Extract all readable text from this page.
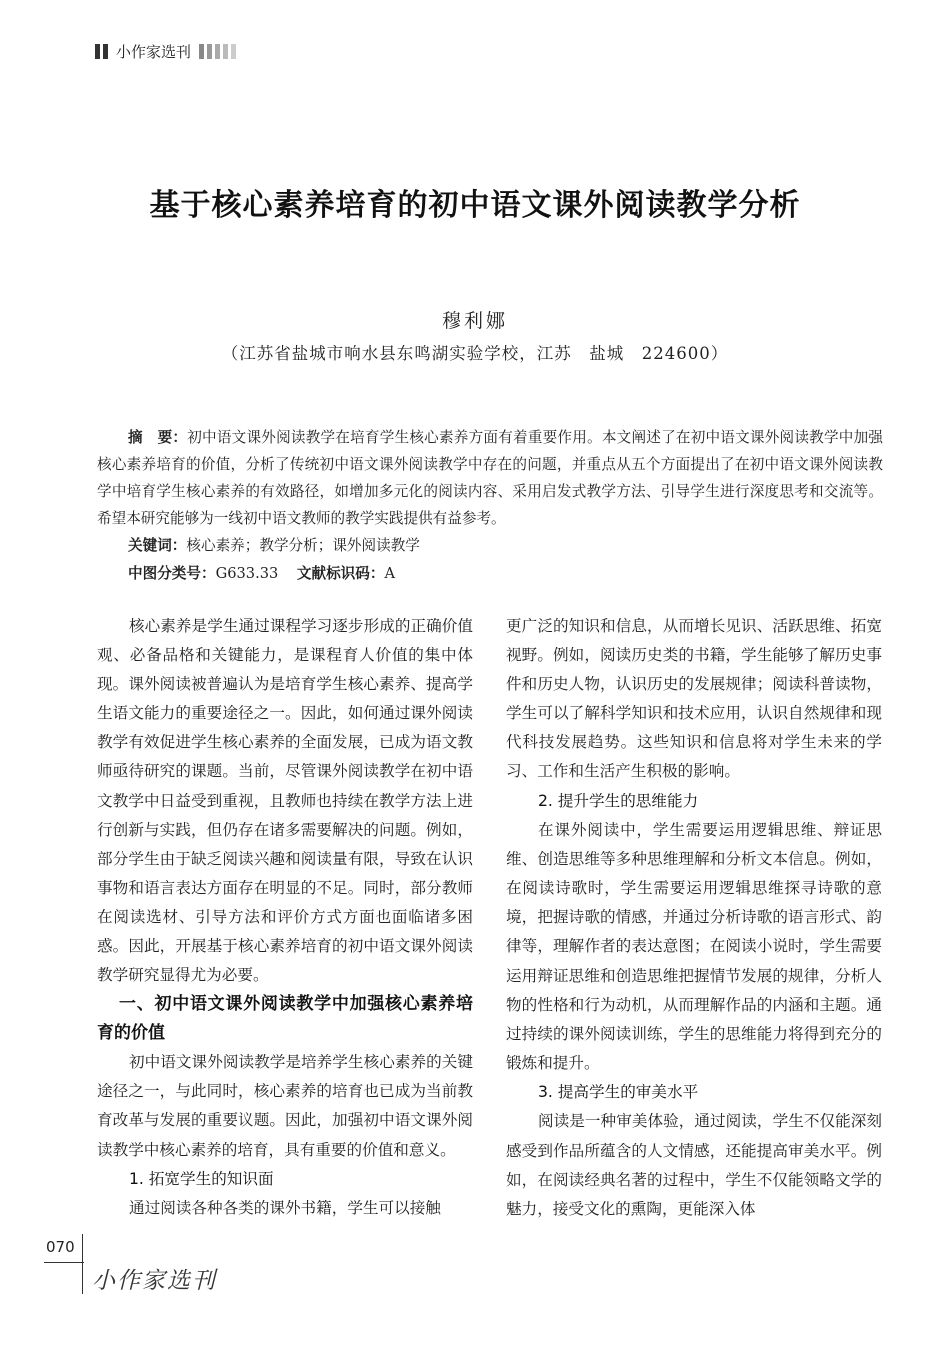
小作家选刊
基于核心素养培育的初中语文课外阅读教学分析
穆利娜
（江苏省盐城市响水县东鸣湖实验学校，江苏　盐城　224600）
摘　要：初中语文课外阅读教学在培育学生核心素养方面有着重要作用。本文阐述了在初中语文课外阅读教学中加强核心素养培育的价值，分析了传统初中语文课外阅读教学中存在的问题，并重点从五个方面提出了在初中语文课外阅读教学中培育学生核心素养的有效路径，如增加多元化的阅读内容、采用启发式教学方法、引导学生进行深度思考和交流等。希望本研究能够为一线初中语文教师的教学实践提供有益参考。
关键词：核心素养；教学分析；课外阅读教学
中图分类号：G633.33 文献标识码：A

核心素养是学生通过课程学习逐步形成的正确价值观、必备品格和关键能力，是课程育人价值的集中体现。课外阅读被普遍认为是培育学生核心素养、提高学生语文能力的重要途径之一。因此，如何通过课外阅读教学有效促进学生核心素养的全面发展，已成为语文教师亟待研究的课题。当前，尽管课外阅读教学在初中语文教学中日益受到重视，且教师也持续在教学方法上进行创新与实践，但仍存在诸多需要解决的问题。例如，部分学生由于缺乏阅读兴趣和阅读量有限，导致在认识事物和语言表达方面存在明显的不足。同时，部分教师在阅读选材、引导方法和评价方式方面也面临诸多困惑。因此，开展基于核心素养培育的初中语文课外阅读教学研究显得尤为必要。

一、初中语文课外阅读教学中加强核心素养培育的价值

初中语文课外阅读教学是培养学生核心素养的关键途径之一，与此同时，核心素养的培育也已成为当前教育改革与发展的重要议题。因此，加强初中语文课外阅读教学中核心素养的培育，具有重要的价值和意义。

1. 拓宽学生的知识面

通过阅读各种各类的课外书籍，学生可以接触

更广泛的知识和信息，从而增长见识、活跃思维、拓宽视野。例如，阅读历史类的书籍，学生能够了解历史事件和历史人物，认识历史的发展规律；阅读科普读物，学生可以了解科学知识和技术应用，认识自然规律和现代科技发展趋势。这些知识和信息将对学生未来的学习、工作和生活产生积极的影响。

2. 提升学生的思维能力

在课外阅读中，学生需要运用逻辑思维、辩证思维、创造思维等多种思维理解和分析文本信息。例如，在阅读诗歌时，学生需要运用逻辑思维探寻诗歌的意境，把握诗歌的情感，并通过分析诗歌的语言形式、韵律等，理解作者的表达意图；在阅读小说时，学生需要运用辩证思维和创造思维把握情节发展的规律，分析人物的性格和行为动机，从而理解作品的内涵和主题。通过持续的课外阅读训练，学生的思维能力将得到充分的锻炼和提升。

3. 提高学生的审美水平

阅读是一种审美体验，通过阅读，学生不仅能深刻感受到作品所蕴含的人文情感，还能提高审美水平。例如，在阅读经典名著的过程中，学生不仅能领略文学的魅力，接受文化的熏陶，更能深入体

070
小作家选刊
